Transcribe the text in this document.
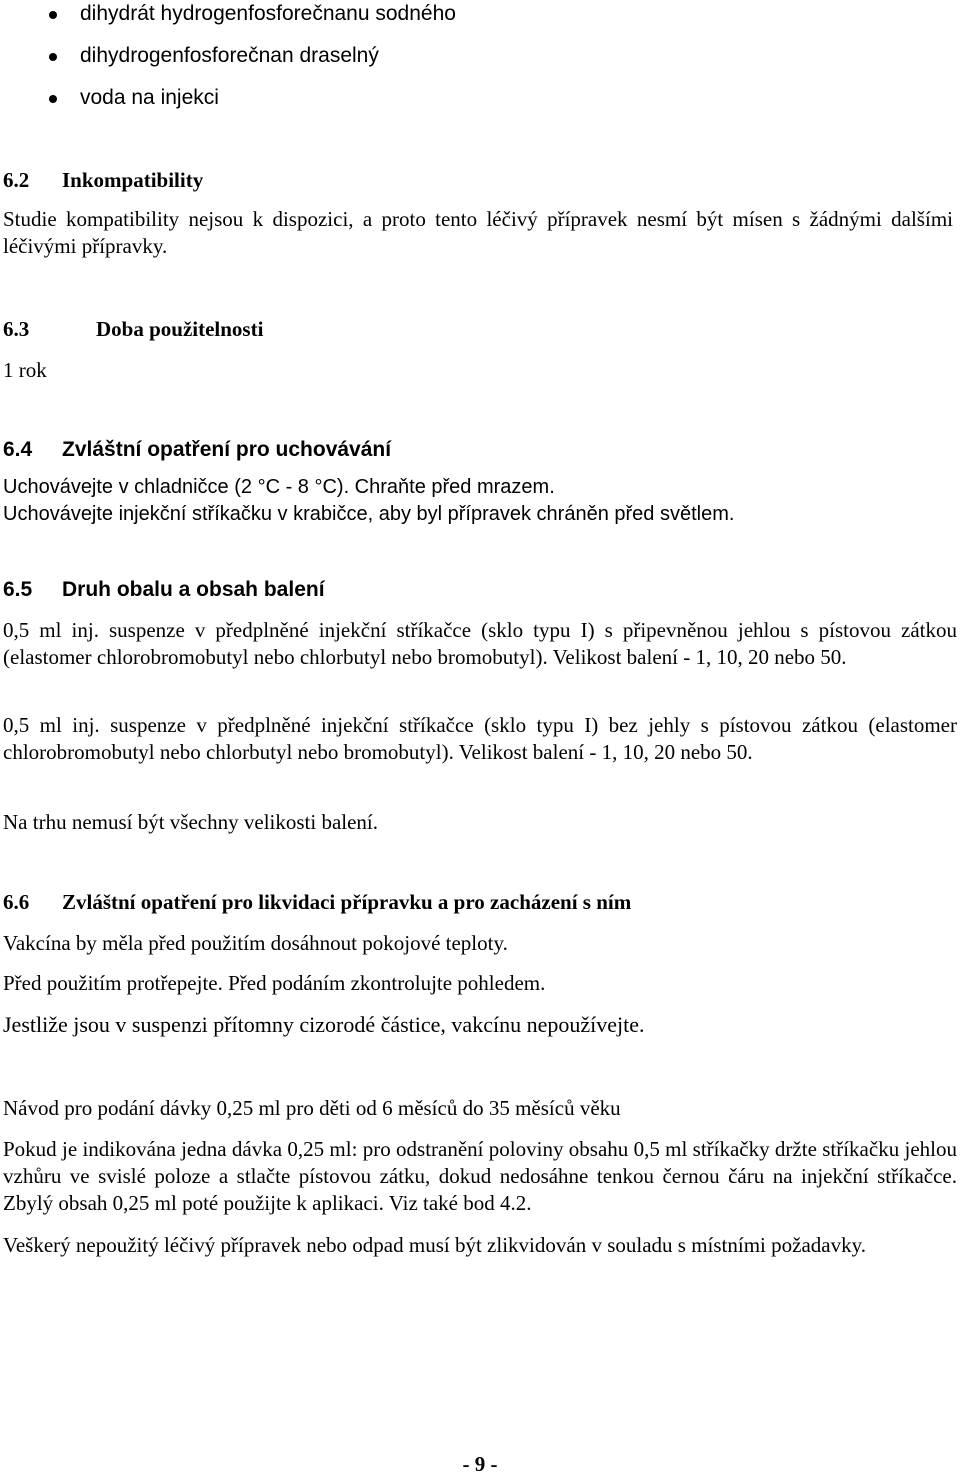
dihydrát hydrogenfosforečnanu sodného
dihydrogenfosforečnan draselný
voda na injekci
6.2 Inkompatibility
Studie kompatibility nejsou k dispozici, a proto tento léčivý přípravek nesmí být mísen s žádnými dalšími léčivými přípravky.
6.3	Doba použitelnosti
1 rok
6.4 Zvláštní opatření pro uchovávání
Uchovávejte v chladničce (2 °C - 8 °C). Chraňte před mrazem.
Uchovávejte injekční stříkačku v krabičce, aby byl přípravek chráněn před světlem.
6.5 Druh obalu a obsah balení
0,5 ml inj. suspenze v předplněné injekční stříkačce (sklo typu I) s připevněnou jehlou s pístovou zátkou (elastomer chlorobromobutyl nebo chlorbutyl nebo bromobutyl). Velikost balení - 1, 10, 20 nebo 50.
0,5 ml inj. suspenze v předplněné injekční stříkačce (sklo typu I) bez jehly s pístovou zátkou (elastomer chlorobromobutyl nebo chlorbutyl nebo bromobutyl). Velikost balení - 1, 10, 20 nebo 50.
Na trhu nemusí být všechny velikosti balení.
6.6 Zvláštní opatření pro likvidaci přípravku a pro zacházení s ním
Vakcína by měla před použitím dosáhnout pokojové teploty.
Před použitím protřepejte. Před podáním zkontrolujte pohledem.
Jestliže jsou v suspenzi přítomny cizorodé částice, vakcínu nepoužívejte.
Návod pro podání dávky 0,25 ml pro děti od 6 měsíců do 35 měsíců věku
Pokud je indikována jedna dávka 0,25 ml: pro odstranění poloviny obsahu 0,5 ml stříkačky držte stříkačku jehlou vzhůru ve svislé poloze a stlačte pístovou zátku, dokud nedosáhne tenkou černou čáru na injekční stříkačce. Zbylý obsah 0,25 ml poté použijte k aplikaci. Viz také bod 4.2.
Veškerý nepoužitý léčivý přípravek nebo odpad musí být zlikvidován v souladu s místními požadavky.
- 9 -
